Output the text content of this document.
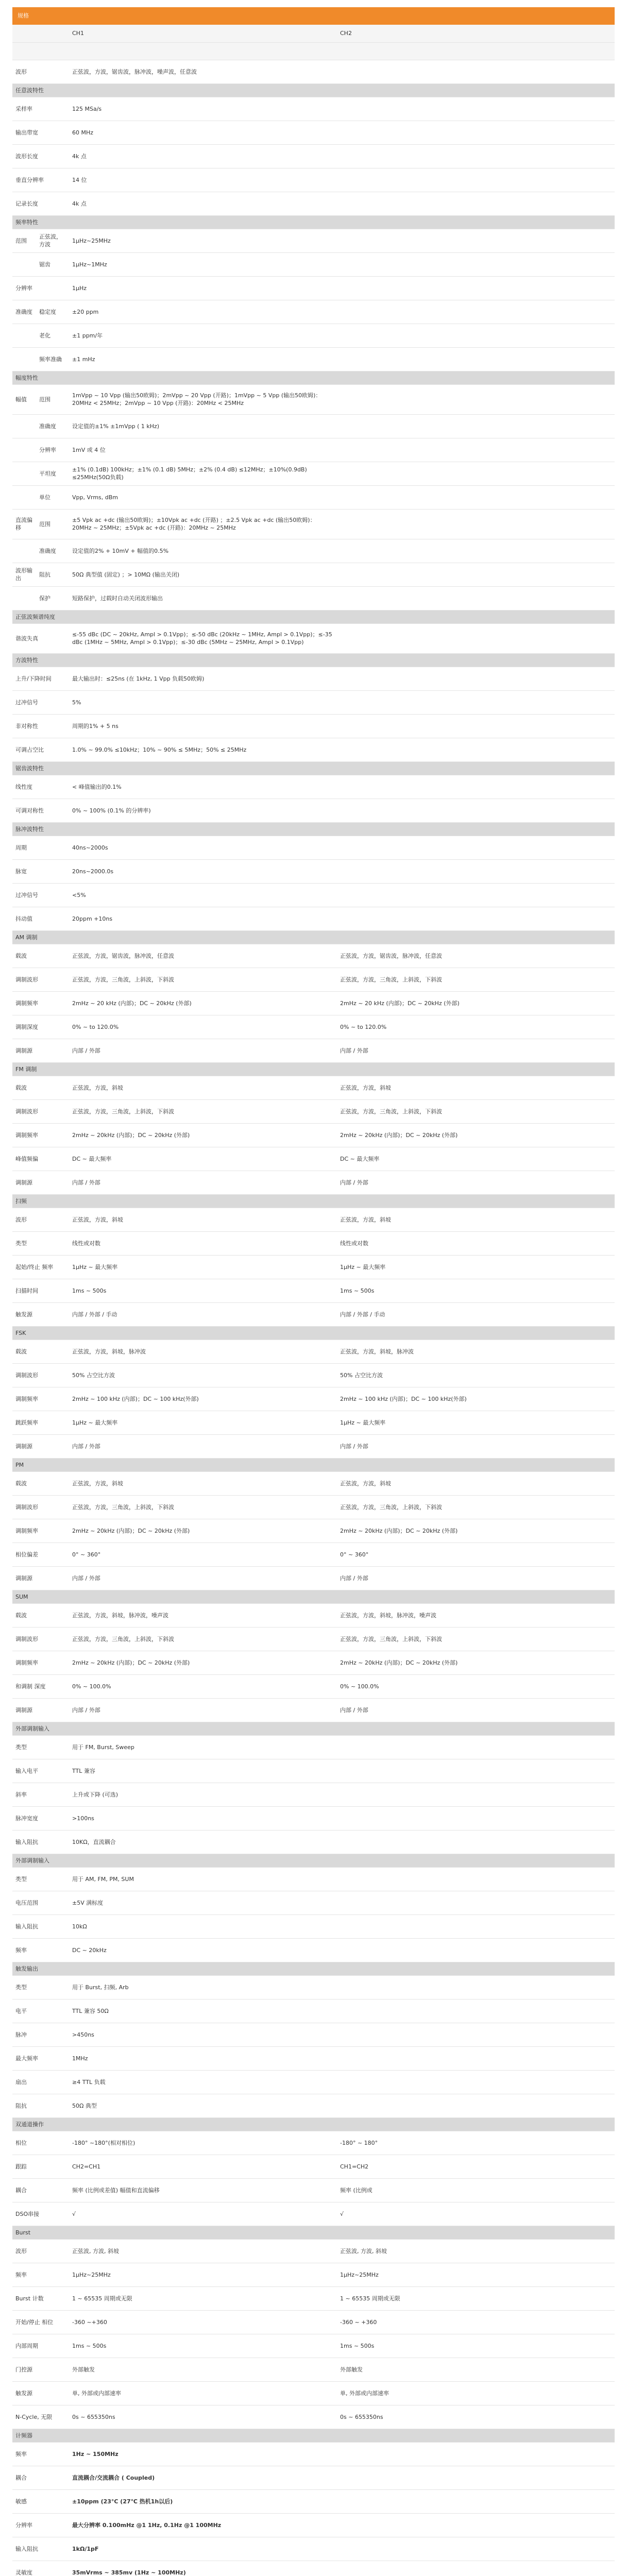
规格
		CH1	CH2

波形		正弦波，方波，锯齿波，脉冲波，噪声波，任意波	
任意波特性			
采样率		125 MSa/s	
输出带宽		60 MHz	
波形长度		4k 点	
垂直分辨率		14 位	
记录长度		4k 点	
频率特性			
范围	正弦波，方波	1μHz~25MHz	
	锯齿	1μHz~1MHz	
分辨率		1μHz	
准确度	稳定度	±20 ppm	
	老化	±1 ppm/年	
	频率准确	±1 mHz	
幅度特性			
幅值	范围	1mVpp ~ 10 Vpp (输出50欧姆)；2mVpp ~ 20 Vpp (开路)；1mVpp ~ 5 Vpp (输出50欧姆)：20MHz < 25MHz；2mVpp ~ 10 Vpp (开路)：20MHz < 25MHz	
	准确度	设定值的±1% ±1mVpp ( 1 kHz)	
	分辨率	1mV 或 4 位	
	平坦度	±1% (0.1dB) 100kHz；±1% (0.1 dB) 5MHz；±2% (0.4 dB) ≤12MHz；±10%(0.9dB) ≤25MHz(50Ω负载)	
	单位	Vpp, Vrms, dBm	
直流偏移	范围	±5 Vpk ac +dc (输出50欧姆)；±10Vpk ac +dc (开路) ；±2.5 Vpk ac +dc (输出50欧姆)：20MHz ~ 25MHz；±5Vpk ac +dc (开路)：20MHz ~ 25MHz	
	准确度	设定值的2% + 10mV + 幅值的0.5%	
波形输出	阻抗	50Ω 典型值 (固定) ；> 10MΩ (输出关闭)	
	保护	短路保护，过载时自动关闭波形输出	
正弦波频谱纯度			
谐波失真		≤-55 dBc (DC ~ 20kHz, Ampl > 0.1Vpp)；≤-50 dBc (20kHz ~ 1MHz, Ampl > 0.1Vpp)；≤-35 dBc (1MHz ~ 5MHz, Ampl > 0.1Vpp)；≤-30 dBc (5MHz ~ 25MHz, Ampl > 0.1Vpp)	
方波特性			
上升/下降时间		最大输出时：≤25ns (在 1kHz, 1 Vpp 负载50欧姆)	
过冲信号		5%	
非对称性		周期的1% + 5 ns	
可调占空比		1.0% ~ 99.0% ≤10kHz；10% ~ 90% ≤ 5MHz；50% ≤ 25MHz	
锯齿波特性			
线性度		< 峰值输出的0.1%	
可调对称性		0% ~ 100% (0.1% 的分辨率)	
脉冲波特性			
周期		40ns~2000s	
脉宽		20ns~2000.0s	
过冲信号		<5%	
抖动值		20ppm +10ns	
AM 调制			
载波		正弦波，方波，锯齿波，脉冲波，任意波	正弦波，方波，锯齿波，脉冲波，任意波
调制波形		正弦波，方波，三角波，上斜波，下斜波	正弦波，方波，三角波，上斜波，下斜波
调制频率		2mHz ~ 20 kHz (内部)；DC ~ 20kHz (外部)	2mHz ~ 20 kHz (内部)；DC ~ 20kHz (外部)
调制深度		0% ~ to 120.0%	0% ~ to 120.0%
调制源		内部 / 外部	内部 / 外部
FM 调制			
载波		正弦波，方波，斜坡	正弦波，方波，斜坡
调制波形		正弦波，方波，三角波，上斜波，下斜波	正弦波，方波，三角波，上斜波，下斜波
调制频率		2mHz ~ 20kHz (内部)；DC ~ 20kHz (外部)	2mHz ~ 20kHz (内部)；DC ~ 20kHz (外部)
峰值频偏		DC ~ 最大频率	DC ~ 最大频率
调制源		内部 / 外部	内部 / 外部
扫频			
波形		正弦波，方波，斜坡	正弦波，方波，斜坡
类型		线性或对数	线性或对数
起始/终止 频率		1μHz ~ 最大频率	1μHz ~ 最大频率
扫描时间		1ms ~ 500s	1ms ~ 500s
触发源		内部 / 外部 / 手动	内部 / 外部 / 手动
FSK			
载波		正弦波，方波，斜坡，脉冲波	正弦波，方波，斜坡，脉冲波
调制波形		50% 占空比方波	50% 占空比方波
调制频率		2mHz ~ 100 kHz (内部)；DC ~ 100 kHz(外部)	2mHz ~ 100 kHz (内部)；DC ~ 100 kHz(外部)
跳跃频率		1μHz ~ 最大频率	1μHz ~ 最大频率
调制源		内部 / 外部	内部 / 外部
PM			
载波		正弦波，方波，斜坡	正弦波，方波，斜坡
调制波形		正弦波，方波，三角波，上斜波，下斜波	正弦波，方波，三角波，上斜波，下斜波
调制频率		2mHz ~ 20kHz (内部)；DC ~ 20kHz (外部)	2mHz ~ 20kHz (内部)；DC ~ 20kHz (外部)
相位偏差		0° ~ 360°	0° ~ 360°
调制源		内部 / 外部	内部 / 外部
SUM			
载波		正弦波，方波，斜坡，脉冲波，噪声波	正弦波，方波，斜坡，脉冲波，噪声波
调制波形		正弦波，方波，三角波，上斜波，下斜波	正弦波，方波，三角波，上斜波，下斜波
调制频率		2mHz ~ 20kHz (内部)；DC ~ 20kHz (外部)	2mHz ~ 20kHz (内部)；DC ~ 20kHz (外部)
和调制 深度		0% ~ 100.0%	0% ~ 100.0%
调制源		内部 / 外部	内部 / 外部
外部调制输入			
类型		用于 FM, Burst, Sweep	
输入电平		TTL 兼容	
斜率		上升或下降 (可选)	
脉冲宽度		>100ns	
输入阻抗		10KΩ，直流耦合	
外部调制输入			
类型		用于 AM, FM, PM, SUM	
电压范围		±5V 满标度	
输入阻抗		10kΩ	
频率		DC ~ 20kHz	
触发输出			
类型		用于 Burst, 扫频, Arb	
电平		TTL 兼容 50Ω	
脉冲		>450ns	
最大频率		1MHz	
扇出		≥4 TTL 负载	
阻抗		50Ω 典型	
双通道操作			
相位		-180° ~180°(相对相位)	-180° ~ 180°
跟踪		CH2=CH1	CH1=CH2
耦合		频率 (比例或差值) 幅值和直流偏移	频率 (比例或
DSO串接		√	√
Burst			
波形		正弦波, 方波, 斜坡	正弦波, 方波, 斜坡
频率		1μHz~25MHz	1μHz~25MHz
Burst 计数		1 ~ 65535 周期或无限	1 ~ 65535 周期或无限
开始/停止 相位		-360 ~+360	-360 ~ +360
内部周期		1ms ~ 500s	1ms ~ 500s
门控源		外部触发	外部触发
触发源		单, 外部或内部速率	单, 外部或内部速率
N-Cycle, 无限		0s ~ 655350ns	0s ~ 655350ns
计频器			
频率		1Hz ~ 150MHz	
耦合		直流耦合/交流耦合 ( Coupled)	
敏感		±10ppm (23°C (27℃ 热机1h以后)	
分辨率		最大分辨率 0.100mHz @1 1Hz, 0.1Hz @1 100MHz	
输入阻抗		1kΩ/1pF	
灵敏度		35mVrms ~ 385mv (1Hz ~ 100MHz)	
